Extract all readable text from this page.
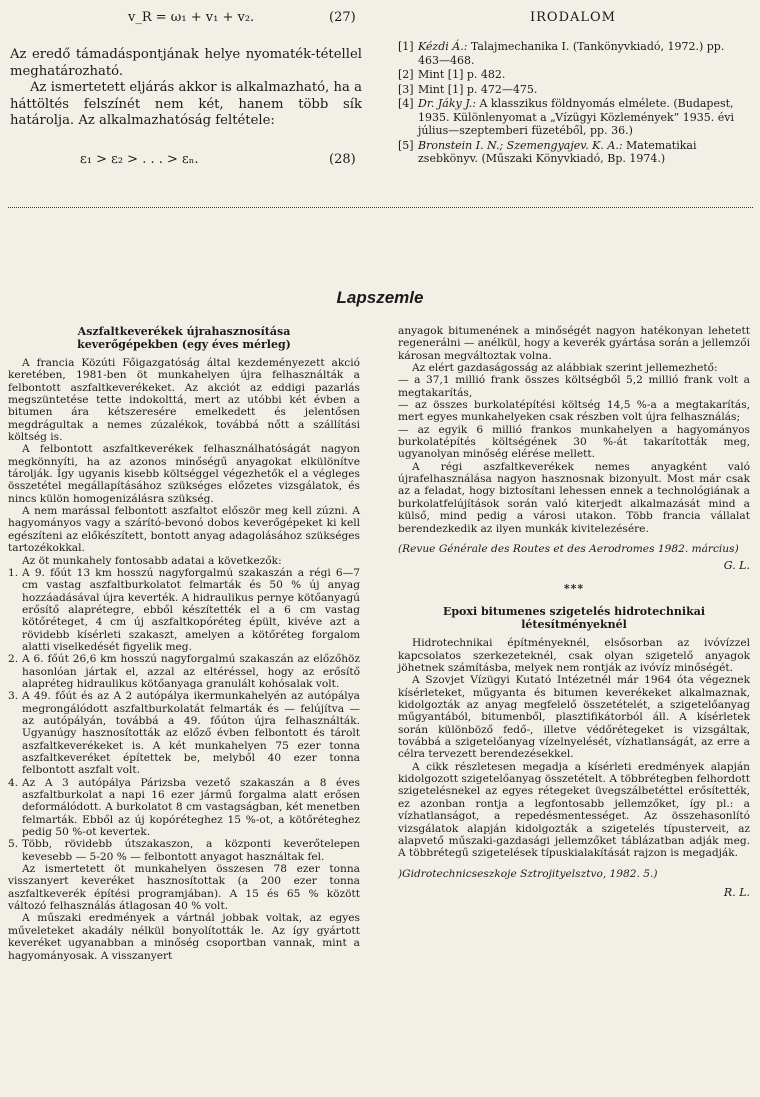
v_R = ω₁ + v₁ + v₂.	(27)

Az eredő támadáspontjának helye nyomaték-tétellel meghatározható.

Az ismertetett eljárás akkor is alkalmazható, ha a háttöltés felszínét nem két, hanem több sík határolja. Az alkalmazhatóság feltétele:

ε₁ > ε₂ > . . . > εₙ.	(28)
IRODALOM
[1] Kézdi Á.: Talajmechanika I. (Tankönyvkiadó, 1972.) pp. 463—468.
[2] Mint [1] p. 482.
[3] Mint [1] p. 472—475.
[4] Dr. Jáky J.: A klasszikus földnyomás elmélete. (Budapest, 1935. Különlenyomat a „Vízügyi Közlemények” 1935. évi július—szeptemberi füzetéből, pp. 36.)
[5] Bronstein I. N.; Szemengyajev. K. A.: Matematikai zsebkönyv. (Műszaki Könyvkiadó, Bp. 1974.)
Lapszemle
Aszfaltkeverékek újrahasznosítása
keverőgépekben (egy éves mérleg)

A francia Közúti Főigazgatóság által kezdeményezett akció keretében, 1981-ben öt munkahelyen újra felhasználták a felbontott aszfaltkeverékeket. Az akciót az eddigi pazarlás megszüntetése tette indokolttá, mert az utóbbi két évben a bitumen ára kétszeresére emelkedett és jelentősen megdrágultak a nemes zúzalékok, továbbá nőtt a szállítási költség is.

A felbontott aszfaltkeverékek felhasználhatóságát nagyon megkönnyíti, ha az azonos minőségű anyagokat elkülönítve tárolják. Így ugyanis kisebb költséggel végezhetők el a végleges összetétel megállapításához szükséges előzetes vizsgálatok, és nincs külön homogenizálásra szükség.

A nem marással felbontott aszfaltot először meg kell zúzni. A hagyományos vagy a szárító-bevonó dobos keverőgépeket ki kell egészíteni az előkészített, bontott anyag adagolásához szükséges tartozékokkal.

Az öt munkahely fontosabb adatai a következők:

1. A 9. főút 13 km hosszú nagyforgalmú szakaszán a régi 6—7 cm vastag aszfaltburkolatot felmarták és 50 % új anyag hozzáadásával újra keverték. A hidraulikus pernye kötőanyagú erősítő alaprétegre, ebből készítették el a 6 cm vastag kötőréteget, 4 cm új aszfaltkopóréteg épült, kivéve azt a rövidebb kísérleti szakaszt, amelyen a kötőréteg forgalom alatti viselkedését figyelik meg.
2. A 6. főút 26,6 km hosszú nagyforgalmú szakaszán az előzőhöz hasonlóan jártak el, azzal az eltéréssel, hogy az erősítő alapréteg hidraulikus kötőanyaga granulált kohósalak volt.
3. A 49. főút és az A 2 autópálya ikermunkahelyén az autópálya megrongálódott aszfaltburkolatát felmarták és — felújítva — az autópályán, továbbá a 49. főúton újra felhasználták. Ugyanúgy hasznosították az előző évben felbontott és tárolt aszfaltkeverékeket is. A két munkahelyen 75 ezer tonna aszfaltkeveréket építettek be, melyből 40 ezer tonna felbontott aszfalt volt.
4. Az A 3 autópálya Párizsba vezető szakaszán a 8 éves aszfaltburkolat a napi 16 ezer jármű forgalma alatt erősen deformálódott. A burkolatot 8 cm vastagságban, két menetben felmarták. Ebből az új kopóréteghez 15 %-ot, a kötőréteghez pedig 50 %-ot kevertek.
5. Több, rövidebb útszakaszon, a központi keverőtelepen kevesebb — 5-20 % — felbontott anyagot használtak fel.

Az ismertetett öt munkahelyen összesen 78 ezer tonna visszanyert keveréket hasznosítottak (a 200 ezer tonna aszfaltkeverék építési programjában). A 15 és 65 % között változó felhasználás átlagosan 40 % volt.

A műszaki eredmények a vártnál jobbak voltak, az egyes műveleteket akadály nélkül bonyolították le. Az így gyártott keveréket ugyanabban a minőség csoportban vannak, mint a hagyományosak. A visszanyert

anyagok bitumenének a minőségét nagyon hatékonyan lehetett regenerálni — anélkül, hogy a keverék gyártása során a jellemzői károsan megváltoztak volna.

Az elért gazdaságosság az alábbiak szerint jellemezhető:

— a 37,1 millió frank összes költségből 5,2 millió frank volt a megtakarítás,

— az összes burkolatépítési költség 14,5 %-a a megtakarítás, mert egyes munkahelyeken csak részben volt újra felhasználás;

— az egyik 6 millió frankos munkahelyen a hagyományos burkolatépítés költségének 30 %-át takarították meg, ugyanolyan minőség elérése mellett.

A régi aszfaltkeverékek nemes anyagként való újrafelhasználása nagyon hasznosnak bizonyult. Most már csak az a feladat, hogy biztosítani lehessen ennek a technológiának a burkolatfelújítások során való kiterjedt alkalmazását mind a külső, mind pedig a városi utakon. Több francia vállalat berendezkedik az ilyen munkák kivitelezésére.

(Revue Générale des Routes et des Aerodromes 1982. március)
G. L.
***
Epoxi bitumenes szigetelés hidrotechnikai
létesítményeknél

Hidrotechnikai építményeknél, elsősorban az ivóvízzel kapcsolatos szerkezeteknél, csak olyan szigetelő anyagok jöhetnek számításba, melyek nem rontják az ivóvíz minőségét.

A Szovjet Vízügyi Kutató Intézetnél már 1964 óta végeznek kísérleteket, műgyanta és bitumen keverékeket alkalmaznak, kidolgozták az anyag megfelelő összetételét, a szigetelőanyag műgyantából, bitumenből, plasztifikátorból áll. A kísérletek során különböző fedő-, illetve védőrétegeket is vizsgáltak, továbbá a szigetelőanyag vízelnyelését, vízhatlanságát, az erre a célra tervezett berendezésekkel.

A cikk részletesen megadja a kísérleti eredmények alapján kidolgozott szigetelőanyag összetételt. A többrétegben felhordott szigetelésnekel az egyes rétegeket üvegszálbetéttel erősítették, ez azonban rontja a legfontosabb jellemzőket, így pl.: a vízhatlanságot, a repedésmentességet. Az összehasonlító vizsgálatok alapján kidolgozták a szigetelés típusterveit, az alapvető műszaki-gazdasági jellemzőket táblázatban adják meg. A többrétegű szigetelések típuskialakítását rajzon is megadják.

)Gidrotechnicseszkoje Sztrojityelsztvo, 1982. 5.)
R. L.
